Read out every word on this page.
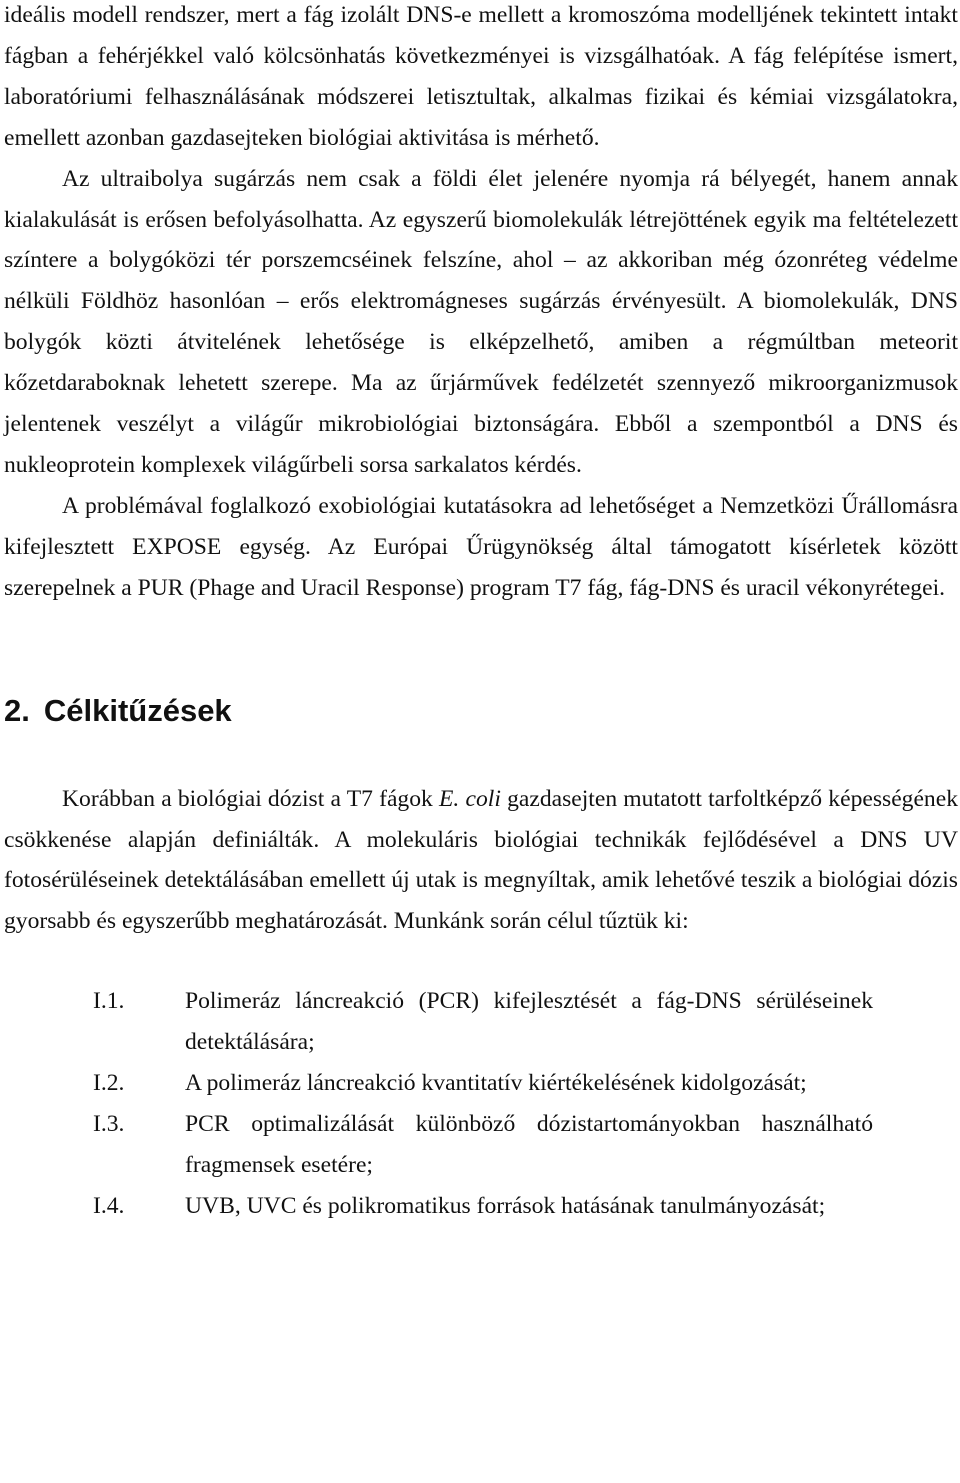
ideális modell rendszer, mert a fág izolált DNS-e mellett a kromoszóma modelljének tekintett intakt fágban a fehérjékkel való kölcsönhatás következményei is vizsgálhatóak. A fág felépítése ismert, laboratóriumi felhasználásának módszerei letisztultak, alkalmas fizikai és kémiai vizsgálatokra, emellett azonban gazdasejteken biológiai aktivitása is mérhető.

Az ultraibolya sugárzás nem csak a földi élet jelenére nyomja rá bélyegét, hanem annak kialakulását is erősen befolyásolhatta. Az egyszerű biomolekulák létrejöttének egyik ma feltételezett színtere a bolygóközi tér porszemcséinek felszíne, ahol – az akkoriban még ózonréteg védelme nélküli Földhöz hasonlóan – erős elektromágneses sugárzás érvényesült. A biomolekulák, DNS bolygók közti átvitelének lehetősége is elképzelhető, amiben a régmúltban meteorit kőzetdaraboknak lehetett szerepe. Ma az űrjárművek fedélzetét szennyező mikroorganizmusok jelentenek veszélyt a világűr mikrobiológiai biztonságára. Ebből a szempontból a DNS és nukleoprotein komplexek világűrbeli sorsa sarkalatos kérdés.

A problémával foglalkozó exobiológiai kutatásokra ad lehetőséget a Nemzetközi Űrállomásra kifejlesztett EXPOSE egység. Az Európai Űrügynökség által támogatott kísérletek között szerepelnek a PUR (Phage and Uracil Response) program T7 fág, fág-DNS és uracil vékonyrétegei.

2. Célkitűzések

Korábban a biológiai dózist a T7 fágok E. coli gazdasejten mutatott tarfoltképző képességének csökkenése alapján definiálták. A molekuláris biológiai technikák fejlődésével a DNS UV fotosérüléseinek detektálásában emellett új utak is megnyíltak, amik lehetővé teszik a biológiai dózis gyorsabb és egyszerűbb meghatározását. Munkánk során célul tűztük ki:

I.1.	Polimeráz láncreakció (PCR) kifejlesztését a fág-DNS sérüléseinek detektálására;
I.2.	A polimeráz láncreakció kvantitatív kiértékelésének kidolgozását;
I.3.	PCR optimalizálását különböző dózistartományokban használható fragmensek esetére;
I.4.	UVB, UVC és polikromatikus források hatásának tanulmányozását;
